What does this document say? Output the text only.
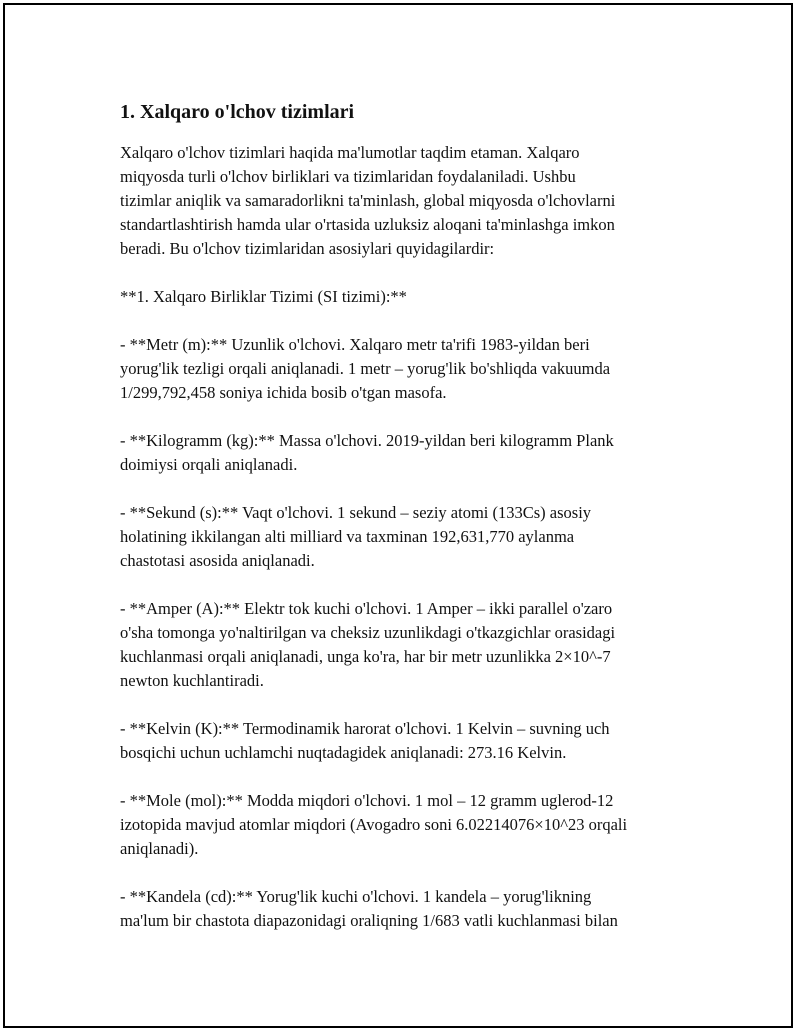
1. Xalqaro o'lchov tizimlari

Xalqaro o'lchov tizimlari haqida ma'lumotlar taqdim etaman. Xalqaro
miqyosda turli o'lchov birliklari va tizimlaridan foydalaniladi. Ushbu
tizimlar aniqlik va samaradorlikni ta'minlash, global miqyosda o'lchovlarni
standartlashtirish hamda ular o'rtasida uzluksiz aloqani ta'minlashga imkon
beradi. Bu o'lchov tizimlaridan asosiylari quyidagilardir:

**1. Xalqaro Birliklar Tizimi (SI tizimi):**

- **Metr (m):** Uzunlik o'lchovi. Xalqaro metr ta'rifi 1983-yildan beri
yorug'lik tezligi orqali aniqlanadi. 1 metr – yorug'lik bo'shliqda vakuumda
1/299,792,458 soniya ichida bosib o'tgan masofa.

- **Kilogramm (kg):** Massa o'lchovi. 2019-yildan beri kilogramm Plank
doimiysi orqali aniqlanadi.

- **Sekund (s):** Vaqt o'lchovi. 1 sekund – seziy atomi (133Cs) asosiy
holatining ikkilangan alti milliard va taxminan 192,631,770 aylanma
chastotasi asosida aniqlanadi.

- **Amper (A):** Elektr tok kuchi o'lchovi. 1 Amper – ikki parallel o'zaro
o'sha tomonga yo'naltirilgan va cheksiz uzunlikdagi o'tkazgichlar orasidagi
kuchlanmasi orqali aniqlanadi, unga ko'ra, har bir metr uzunlikka 2×10^-7
newton kuchlantiradi.

- **Kelvin (K):** Termodinamik harorat o'lchovi. 1 Kelvin – suvning uch
bosqichi uchun uchlamchi nuqtadagidek aniqlanadi: 273.16 Kelvin.

- **Mole (mol):** Modda miqdori o'lchovi. 1 mol – 12 gramm uglerod-12
izotopida mavjud atomlar miqdori (Avogadro soni 6.02214076×10^23 orqali
aniqlanadi).

- **Kandela (cd):** Yorug'lik kuchi o'lchovi. 1 kandela – yorug'likning
ma'lum bir chastota diapazonidagi oraliqning 1/683 vatli kuchlanmasi bilan
